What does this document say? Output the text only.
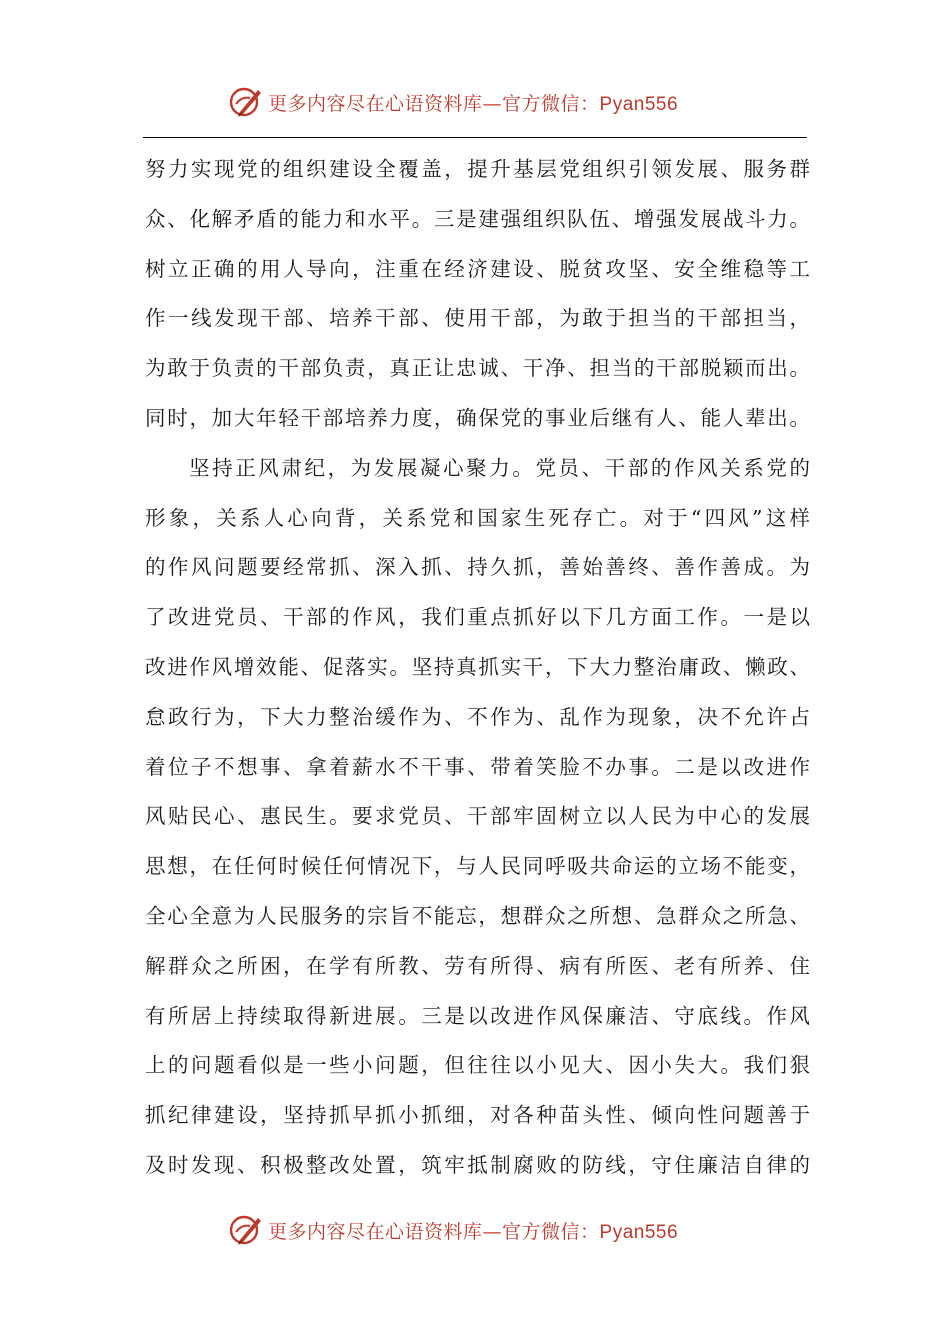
更多内容尽在心语资料库—官方微信：Pyan556
努力实现党的组织建设全覆盖，提升基层党组织引领发展、服务群
众、化解矛盾的能力和水平。三是建强组织队伍、增强发展战斗力。
树立正确的用人导向，注重在经济建设、脱贫攻坚、安全维稳等工
作一线发现干部、培养干部、使用干部，为敢于担当的干部担当，
为敢于负责的干部负责，真正让忠诚、干净、担当的干部脱颖而出。
同时，加大年轻干部培养力度，确保党的事业后继有人、能人辈出。
坚持正风肃纪，为发展凝心聚力。党员、干部的作风关系党的
形象，关系人心向背，关系党和国家生死存亡。对于“四风”这样
的作风问题要经常抓、深入抓、持久抓，善始善终、善作善成。为
了改进党员、干部的作风，我们重点抓好以下几方面工作。一是以
改进作风增效能、促落实。坚持真抓实干，下大力整治庸政、懒政、
怠政行为，下大力整治缓作为、不作为、乱作为现象，决不允许占
着位子不想事、拿着薪水不干事、带着笑脸不办事。二是以改进作
风贴民心、惠民生。要求党员、干部牢固树立以人民为中心的发展
思想，在任何时候任何情况下，与人民同呼吸共命运的立场不能变，
全心全意为人民服务的宗旨不能忘，想群众之所想、急群众之所急、
解群众之所困，在学有所教、劳有所得、病有所医、老有所养、住
有所居上持续取得新进展。三是以改进作风保廉洁、守底线。作风
上的问题看似是一些小问题，但往往以小见大、因小失大。我们狠
抓纪律建设，坚持抓早抓小抓细，对各种苗头性、倾向性问题善于
及时发现、积极整改处置，筑牢抵制腐败的防线，守住廉洁自律的
更多内容尽在心语资料库—官方微信：Pyan556
